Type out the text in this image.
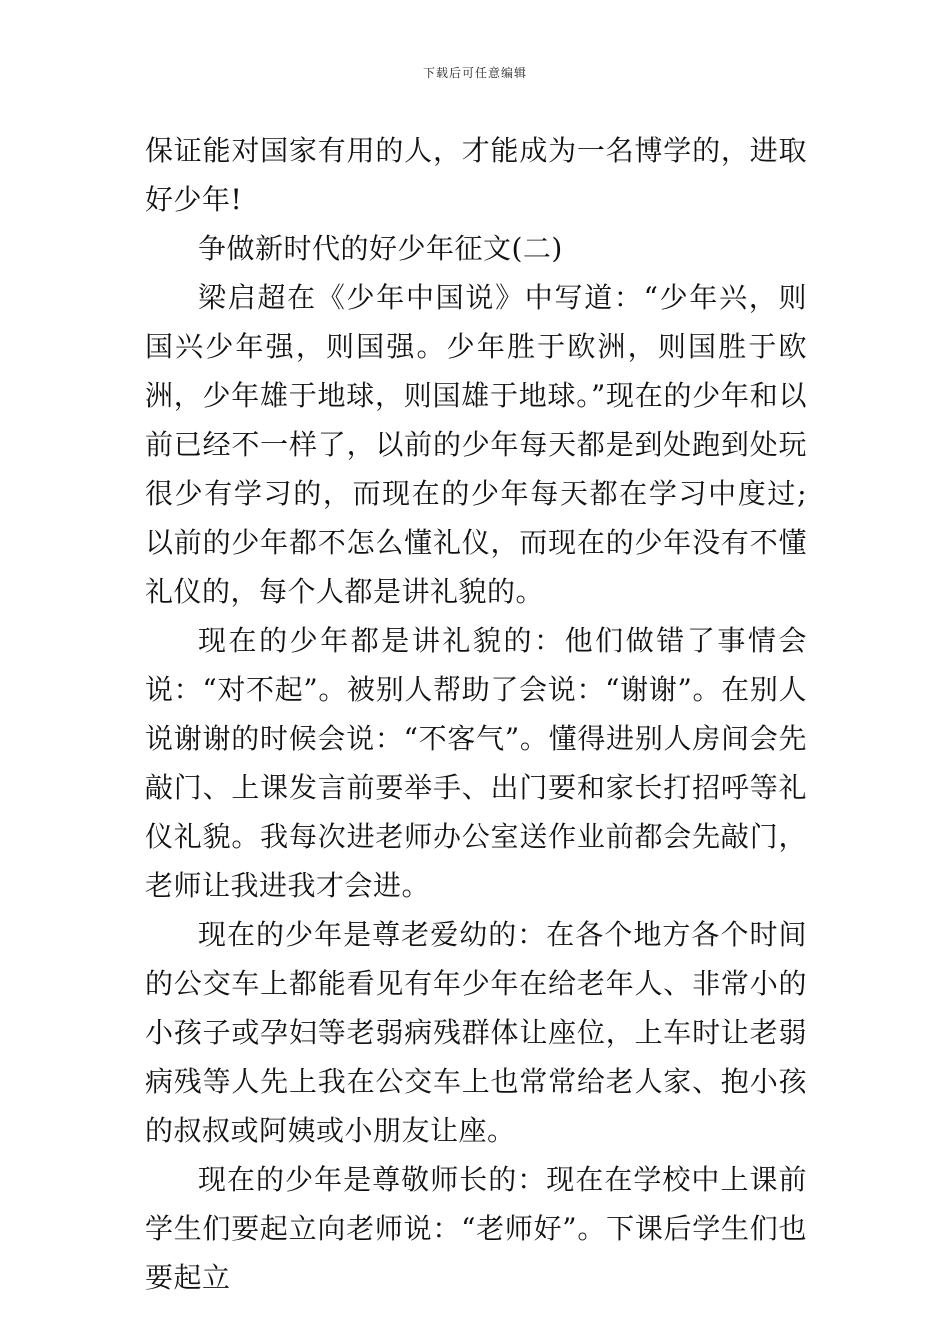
下载后可任意编辑

保证能对国家有用的人，才能成为一名博学的，进取好少年!

争做新时代的好少年征文(二)

梁启超在《少年中国说》中写道：“少年兴，则国兴少年强，则国强。少年胜于欧洲，则国胜于欧洲，少年雄于地球，则国雄于地球。”现在的少年和以前已经不一样了，以前的少年每天都是到处跑到处玩很少有学习的，而现在的少年每天都在学习中度过;以前的少年都不怎么懂礼仪，而现在的少年没有不懂礼仪的，每个人都是讲礼貌的。

现在的少年都是讲礼貌的：他们做错了事情会说：“对不起”。被别人帮助了会说：“谢谢”。在别人说谢谢的时候会说：“不客气”。懂得进别人房间会先敲门、上课发言前要举手、出门要和家长打招呼等礼仪礼貌。我每次进老师办公室送作业前都会先敲门，老师让我进我才会进。

现在的少年是尊老爱幼的：在各个地方各个时间的公交车上都能看见有年少年在给老年人、非常小的小孩子或孕妇等老弱病残群体让座位，上车时让老弱病残等人先上我在公交车上也常常给老人家、抱小孩的叔叔或阿姨或小朋友让座。

现在的少年是尊敬师长的：现在在学校中上课前学生们要起立向老师说：“老师好”。下课后学生们也要起立
